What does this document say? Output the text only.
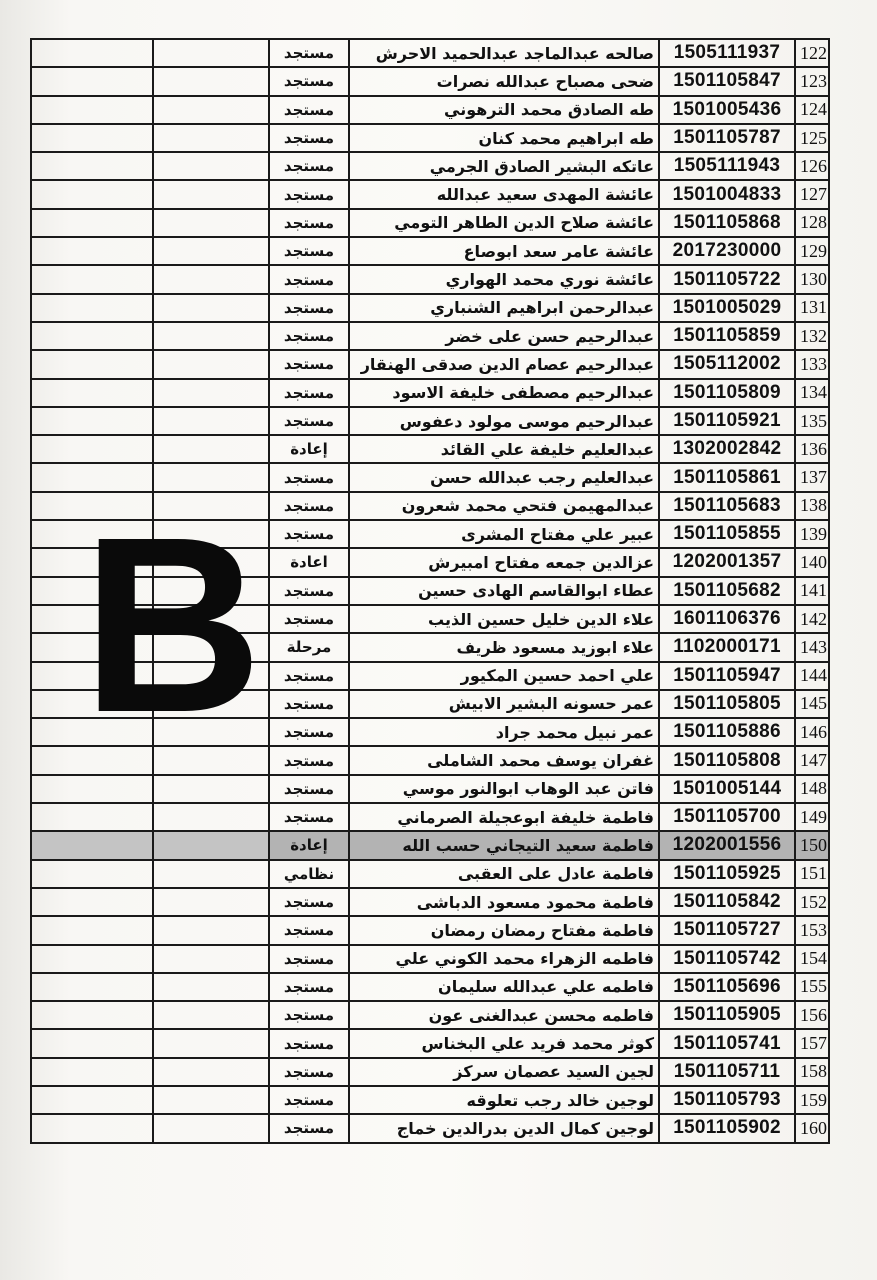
		مستجد	صالحه عبدالماجد عبدالحميد الاحرش	1505111937	122
		مستجد	ضحى مصباح عبدالله نصرات	1501105847	123
		مستجد	طه الصادق محمد الترهوني	1501005436	124
		مستجد	طه ابراهيم محمد كنان	1501105787	125
		مستجد	عاتكه البشير الصادق الجرمي	1505111943	126
		مستجد	عائشة المهدى سعيد عبدالله	1501004833	127
		مستجد	عائشة صلاح الدين الطاهر التومي	1501105868	128
		مستجد	عائشة عامر سعد ابوصاع	2017230000	129
		مستجد	عائشة نوري محمد الهواري	1501105722	130
		مستجد	عبدالرحمن ابراهيم الشنباري	1501005029	131
		مستجد	عبدالرحيم حسن على خضر	1501105859	132
		مستجد	عبدالرحيم عصام الدين صدقى الهنقار	1505112002	133
		مستجد	عبدالرحيم مصطفى خليفة الاسود	1501105809	134
		مستجد	عبدالرحيم موسى مولود دعفوس	1501105921	135
		إعادة	عبدالعليم خليفة علي القائد	1302002842	136
		مستجد	عبدالعليم رجب عبدالله حسن	1501105861	137
		مستجد	عبدالمهيمن فتحي محمد شعرون	1501105683	138
		مستجد	عبير علي مفتاح المشرى	1501105855	139
		اعادة	عزالدين جمعه مفتاح امبيرش	1202001357	140
		مستجد	عطاء ابوالقاسم الهادى حسين	1501105682	141
		مستجد	علاء الدين خليل حسين الذيب	1601106376	142
		مرحلة	علاء ابوزيد مسعود ظريف	1102000171	143
		مستجد	علي احمد حسين المكيور	1501105947	144
		مستجد	عمر حسونه البشير الابيش	1501105805	145
		مستجد	عمر نبيل محمد جراد	1501105886	146
		مستجد	غفران يوسف محمد الشاملى	1501105808	147
		مستجد	فاتن عبد الوهاب ابوالنور موسي	1501005144	148
		مستجد	فاطمة خليفة ابوعجيلة الصرماني	1501105700	149
		إعادة	فاطمة سعيد التيجاني حسب الله	1202001556	150
		نظامي	فاطمة عادل على العقبى	1501105925	151
		مستجد	فاطمة محمود مسعود الدباشى	1501105842	152
		مستجد	فاطمة مفتاح رمضان رمضان	1501105727	153
		مستجد	فاطمه الزهراء محمد الكوني علي	1501105742	154
		مستجد	فاطمه علي عبدالله سليمان	1501105696	155
		مستجد	فاطمه محسن عبدالغنى عون	1501105905	156
		مستجد	كوثر محمد فريد علي البخناس	1501105741	157
		مستجد	لجين السيد عصمان سركز	1501105711	158
		مستجد	لوجين خالد رجب تعلوقه	1501105793	159
		مستجد	لوجين كمال الدين بدرالدين خماج	1501105902	160
B
